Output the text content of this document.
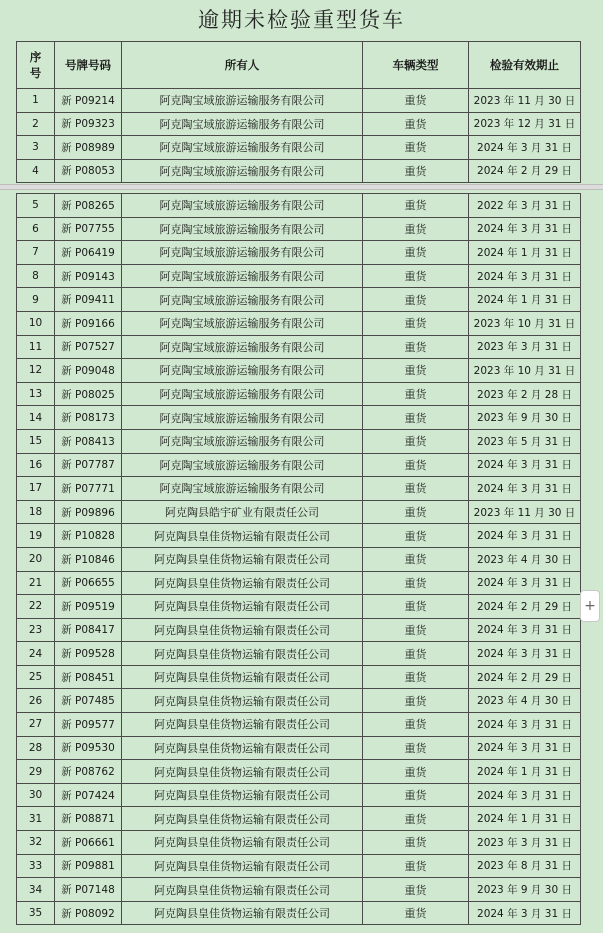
逾期未检验重型货车
序号	号牌号码	所有人	车辆类型	检验有效期止
1	新 P09214	阿克陶宝域旅游运输服务有限公司	重货	2023 年 11 月 30 日
2	新 P09323	阿克陶宝域旅游运输服务有限公司	重货	2023 年 12 月 31 日
3	新 P08989	阿克陶宝域旅游运输服务有限公司	重货	2024 年 3 月 31 日
4	新 P08053	阿克陶宝域旅游运输服务有限公司	重货	2024 年 2 月 29 日
5	新 P08265	阿克陶宝域旅游运输服务有限公司	重货	2022 年 3 月 31 日
6	新 P07755	阿克陶宝域旅游运输服务有限公司	重货	2024 年 3 月 31 日
7	新 P06419	阿克陶宝域旅游运输服务有限公司	重货	2024 年 1 月 31 日
8	新 P09143	阿克陶宝域旅游运输服务有限公司	重货	2024 年 3 月 31 日
9	新 P09411	阿克陶宝域旅游运输服务有限公司	重货	2024 年 1 月 31 日
10	新 P09166	阿克陶宝域旅游运输服务有限公司	重货	2023 年 10 月 31 日
11	新 P07527	阿克陶宝域旅游运输服务有限公司	重货	2023 年 3 月 31 日
12	新 P09048	阿克陶宝域旅游运输服务有限公司	重货	2023 年 10 月 31 日
13	新 P08025	阿克陶宝域旅游运输服务有限公司	重货	2023 年 2 月 28 日
14	新 P08173	阿克陶宝域旅游运输服务有限公司	重货	2023 年 9 月 30 日
15	新 P08413	阿克陶宝域旅游运输服务有限公司	重货	2023 年 5 月 31 日
16	新 P07787	阿克陶宝域旅游运输服务有限公司	重货	2024 年 3 月 31 日
17	新 P07771	阿克陶宝域旅游运输服务有限公司	重货	2024 年 3 月 31 日
18	新 P09896	阿克陶县皓宇矿业有限责任公司	重货	2023 年 11 月 30 日
19	新 P10828	阿克陶县皇佳货物运输有限责任公司	重货	2024 年 3 月 31 日
20	新 P10846	阿克陶县皇佳货物运输有限责任公司	重货	2023 年 4 月 30 日
21	新 P06655	阿克陶县皇佳货物运输有限责任公司	重货	2024 年 3 月 31 日
22	新 P09519	阿克陶县皇佳货物运输有限责任公司	重货	2024 年 2 月 29 日
23	新 P08417	阿克陶县皇佳货物运输有限责任公司	重货	2024 年 3 月 31 日
24	新 P09528	阿克陶县皇佳货物运输有限责任公司	重货	2024 年 3 月 31 日
25	新 P08451	阿克陶县皇佳货物运输有限责任公司	重货	2024 年 2 月 29 日
26	新 P07485	阿克陶县皇佳货物运输有限责任公司	重货	2023 年 4 月 30 日
27	新 P09577	阿克陶县皇佳货物运输有限责任公司	重货	2024 年 3 月 31 日
28	新 P09530	阿克陶县皇佳货物运输有限责任公司	重货	2024 年 3 月 31 日
29	新 P08762	阿克陶县皇佳货物运输有限责任公司	重货	2024 年 1 月 31 日
30	新 P07424	阿克陶县皇佳货物运输有限责任公司	重货	2024 年 3 月 31 日
31	新 P08871	阿克陶县皇佳货物运输有限责任公司	重货	2024 年 1 月 31 日
32	新 P06661	阿克陶县皇佳货物运输有限责任公司	重货	2023 年 3 月 31 日
33	新 P09881	阿克陶县皇佳货物运输有限责任公司	重货	2023 年 8 月 31 日
34	新 P07148	阿克陶县皇佳货物运输有限责任公司	重货	2023 年 9 月 30 日
35	新 P08092	阿克陶县皇佳货物运输有限责任公司	重货	2024 年 3 月 31 日
+
